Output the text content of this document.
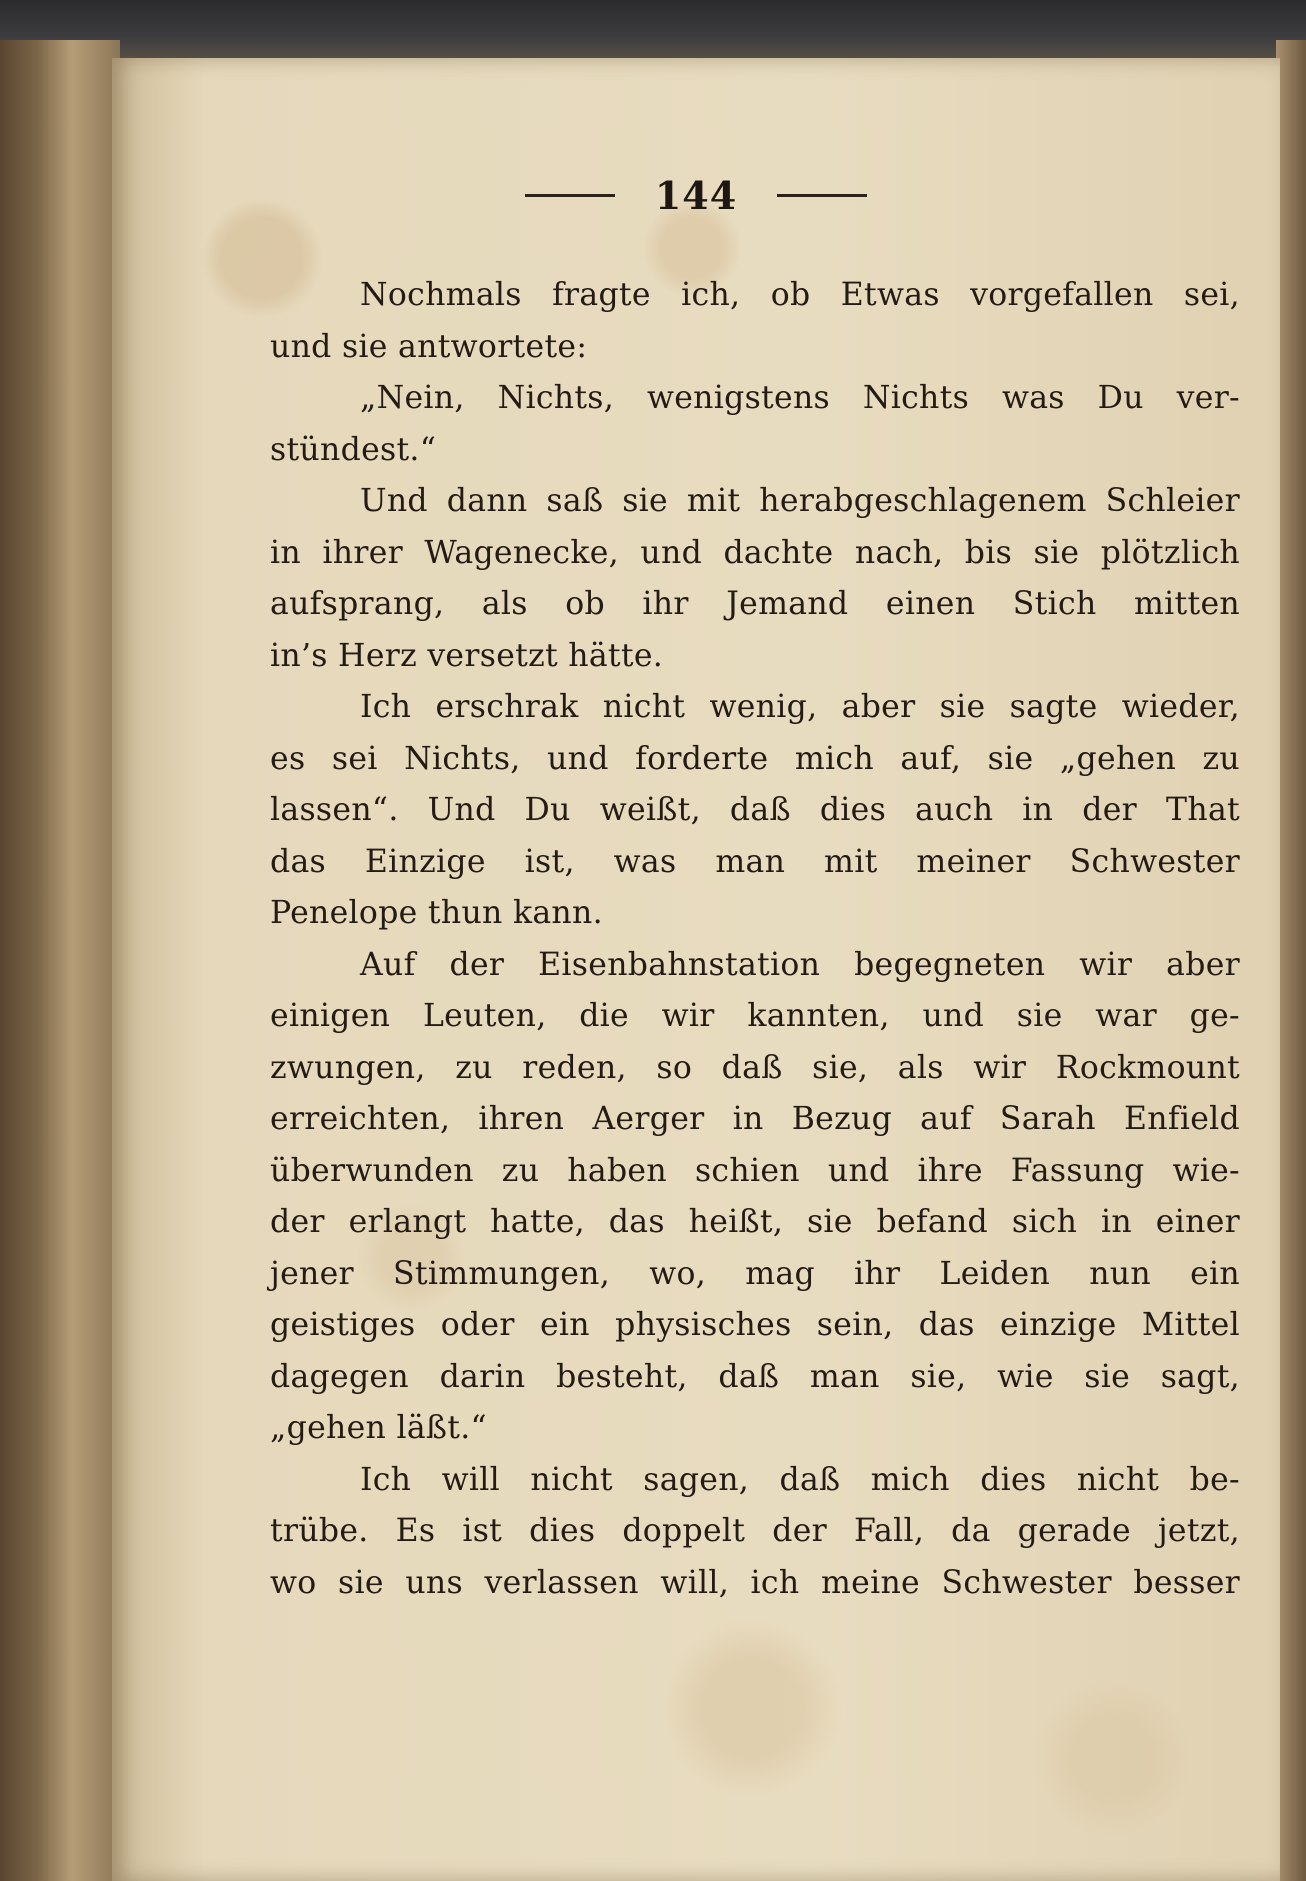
144
Nochmals fragte ich, ob Etwas vorgefallen sei,
und sie antwortete:
„Nein, Nichts, wenigstens Nichts was Du ver-
stündest.“
Und dann saß sie mit herabgeschlagenem Schleier
in ihrer Wagenecke, und dachte nach, bis sie plötzlich
aufsprang, als ob ihr Jemand einen Stich mitten
in’s Herz versetzt hätte.
Ich erschrak nicht wenig, aber sie sagte wieder,
es sei Nichts, und forderte mich auf, sie „gehen zu
lassen“. Und Du weißt, daß dies auch in der That
das Einzige ist, was man mit meiner Schwester
Penelope thun kann.
Auf der Eisenbahnstation begegneten wir aber
einigen Leuten, die wir kannten, und sie war ge-
zwungen, zu reden, so daß sie, als wir Rockmount
erreichten, ihren Aerger in Bezug auf Sarah Enfield
überwunden zu haben schien und ihre Fassung wie-
der erlangt hatte, das heißt, sie befand sich in einer
jener Stimmungen, wo, mag ihr Leiden nun ein
geistiges oder ein physisches sein, das einzige Mittel
dagegen darin besteht, daß man sie, wie sie sagt,
„gehen läßt.“
Ich will nicht sagen, daß mich dies nicht be-
trübe. Es ist dies doppelt der Fall, da gerade jetzt,
wo sie uns verlassen will, ich meine Schwester besser
